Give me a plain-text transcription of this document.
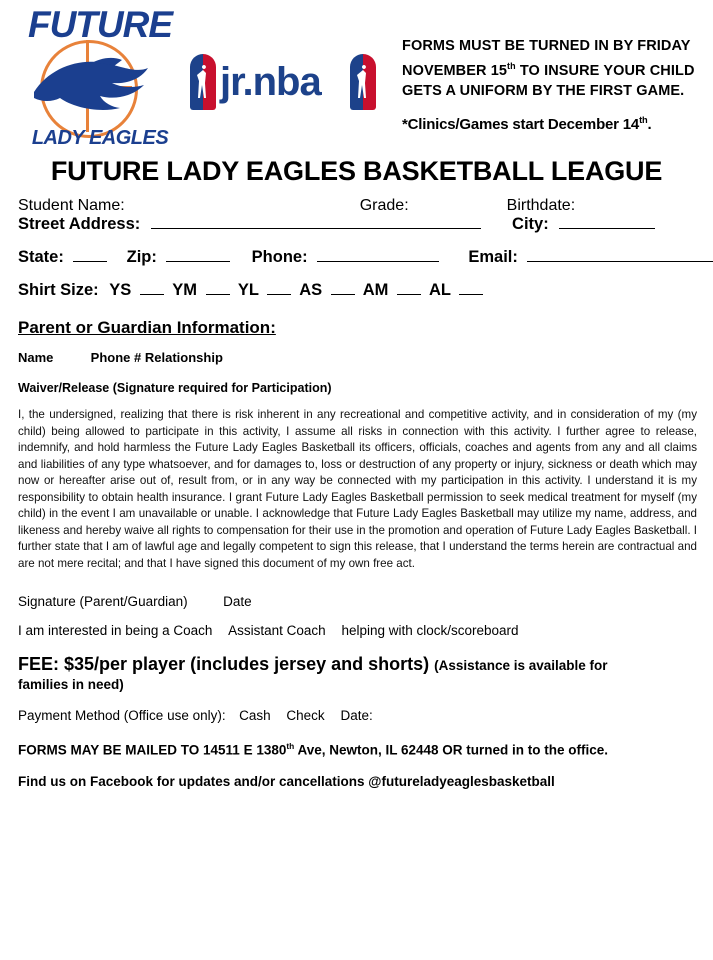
FUTURE
LADY EAGLES
jr.nba
FORMS MUST BE TURNED IN BY FRIDAY
NOVEMBER 15th TO INSURE YOUR CHILD
GETS A UNIFORM BY THE FIRST GAME.
*Clinics/Games start December 14th.
FUTURE LADY EAGLES BASKETBALL LEAGUE
Student Name:	Grade:	Birthdate:
Street Address:	City:
State:	Zip:	Phone:	Email:
Shirt Size: YS YM YL AS AM AL
Parent or Guardian Information:
Name	Phone # Relationship
Waiver/Release (Signature required for Participation)
I, the undersigned, realizing that there is risk inherent in any recreational and competitive activity, and in consideration of my (my child) being allowed to participate in this activity, I assume all risks in connection with this activity. I further agree to release, indemnify, and hold harmless the Future Lady Eagles Basketball its officers, officials, coaches and agents from any and all claims and liabilities of any type whatsoever, and for damages to, loss or destruction of any property or injury, sickness or death which may now or hereafter arise out of, result from, or in any way be connected with my participation in this activity. I understand it is my responsibility to obtain health insurance. I grant Future Lady Eagles Basketball permission to seek medical treatment for myself (my child) in the event I am unavailable or unable. I acknowledge that Future Lady Eagles Basketball may utilize my name, address, and likeness and hereby waive all rights to compensation for their use in the promotion and operation of Future Lady Eagles Basketball. I further state that I am of lawful age and legally competent to sign this release, that I understand the terms herein are contractual and are not mere recital; and that I have signed this document of my own free act.
Signature (Parent/Guardian)	Date
I am interested in being a Coach Assistant Coach helping with clock/scoreboard
FEE: $35/per player (includes jersey and shorts) (Assistance is available for
families in need)
Payment Method (Office use only): Cash Check Date:
FORMS MAY BE MAILED TO 14511 E 1380th Ave, Newton, IL 62448 OR turned in to the office.
Find us on Facebook for updates and/or cancellations @futureladyeaglesbasketball
